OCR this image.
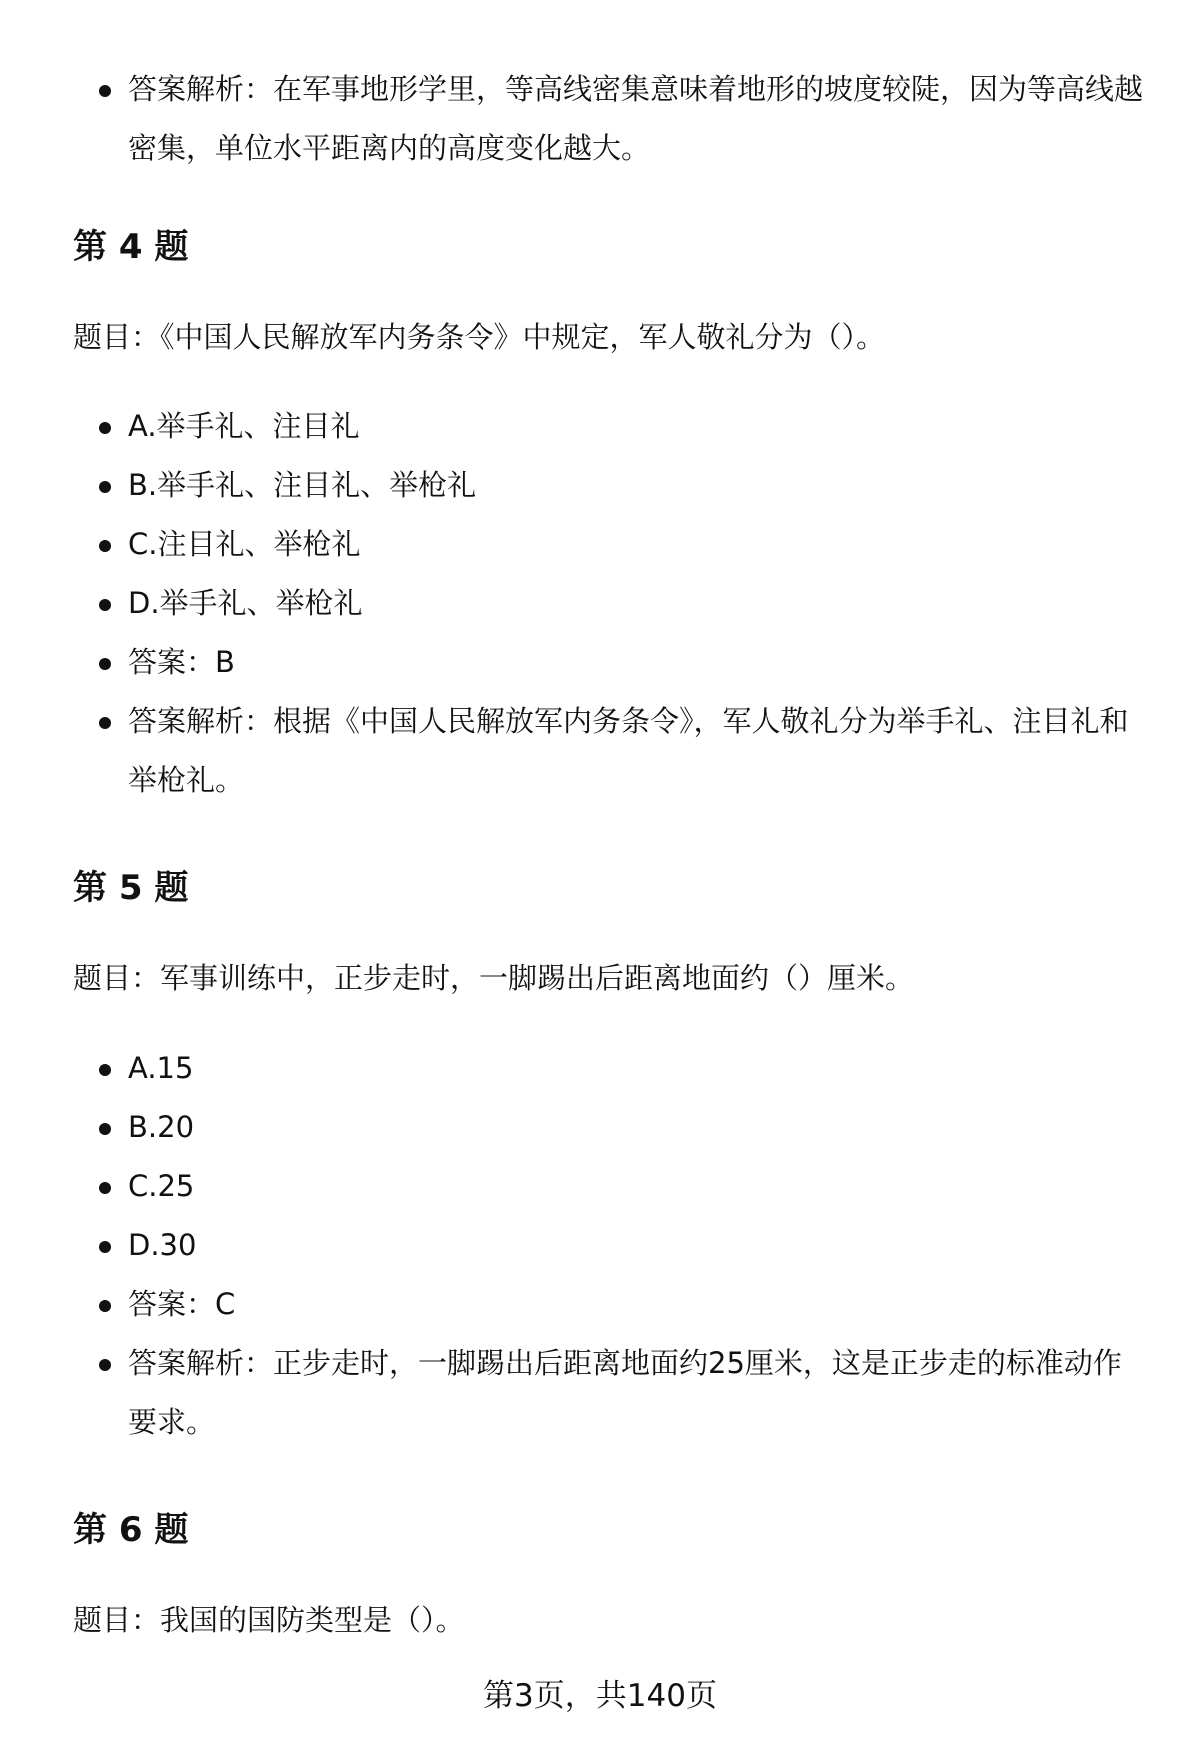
答案解析：在军事地形学里，等高线密集意味着地形的坡度较陡，因为等高线越密集，单位水平距离内的高度变化越大。
第 4 题

题目：《中国人民解放军内务条令》中规定，军人敬礼分为（）。

A.举手礼、注目礼
B.举手礼、注目礼、举枪礼
C.注目礼、举枪礼
D.举手礼、举枪礼
答案：B
答案解析：根据《中国人民解放军内务条令》，军人敬礼分为举手礼、注目礼和举枪礼。
第 5 题

题目：军事训练中，正步走时，一脚踢出后距离地面约（）厘米。

A.15
B.20
C.25
D.30
答案：C
答案解析：正步走时，一脚踢出后距离地面约25厘米，这是正步走的标准动作要求。
第 6 题

题目：我国的国防类型是（）。

第3页，共140页
